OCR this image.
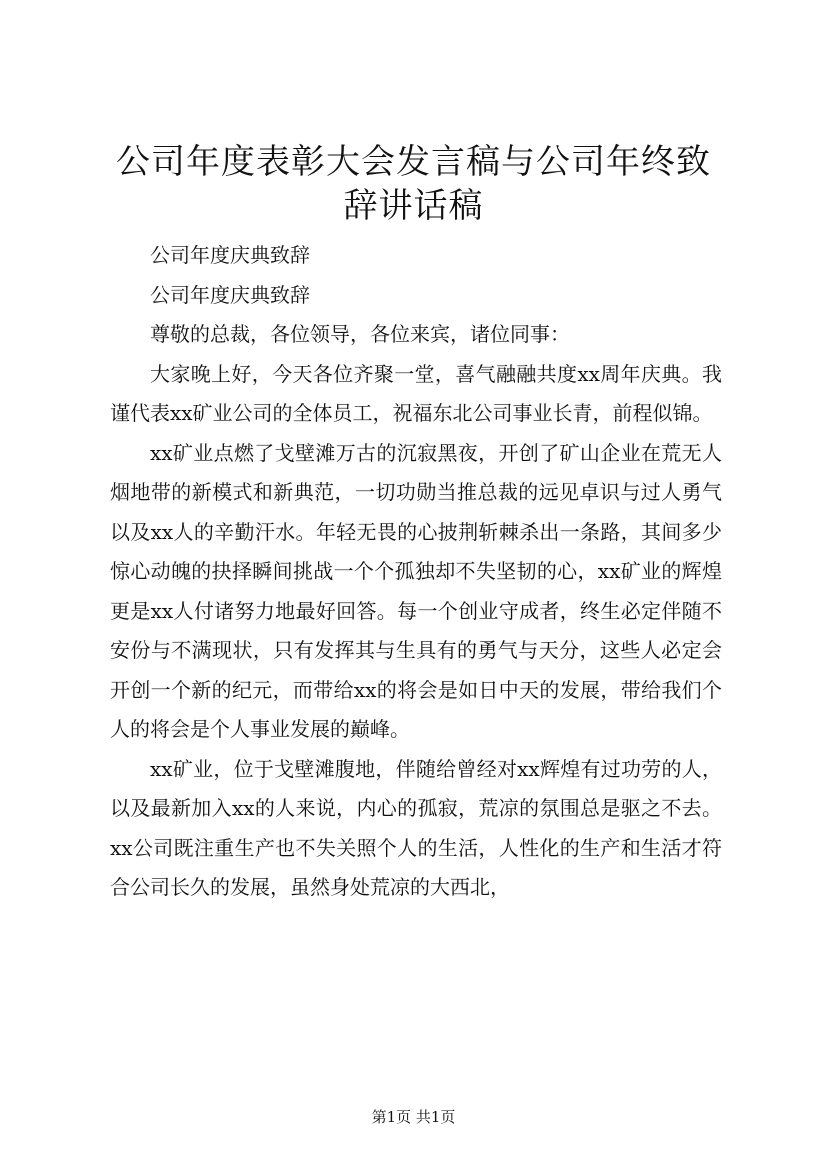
公司年度表彰大会发言稿与公司年终致辞讲话稿

公司年度庆典致辞

公司年度庆典致辞

尊敬的总裁，各位领导，各位来宾，诸位同事：

大家晚上好，今天各位齐聚一堂，喜气融融共度xx周年庆典。我谨代表xx矿业公司的全体员工，祝福东北公司事业长青，前程似锦。

xx矿业点燃了戈壁滩万古的沉寂黑夜，开创了矿山企业在荒无人烟地带的新模式和新典范，一切功勋当推总裁的远见卓识与过人勇气以及xx人的辛勤汗水。年轻无畏的心披荆斩棘杀出一条路，其间多少惊心动魄的抉择瞬间挑战一个个孤独却不失坚韧的心，xx矿业的辉煌更是xx人付诸努力地最好回答。每一个创业守成者，终生必定伴随不安份与不满现状，只有发挥其与生具有的勇气与天分，这些人必定会开创一个新的纪元，而带给xx的将会是如日中天的发展，带给我们个人的将会是个人事业发展的巅峰。

xx矿业，位于戈壁滩腹地，伴随给曾经对xx辉煌有过功劳的人，以及最新加入xx的人来说，内心的孤寂，荒凉的氛围总是驱之不去。xx公司既注重生产也不失关照个人的生活，人性化的生产和生活才符合公司长久的发展，虽然身处荒凉的大西北，

第1页 共1页
